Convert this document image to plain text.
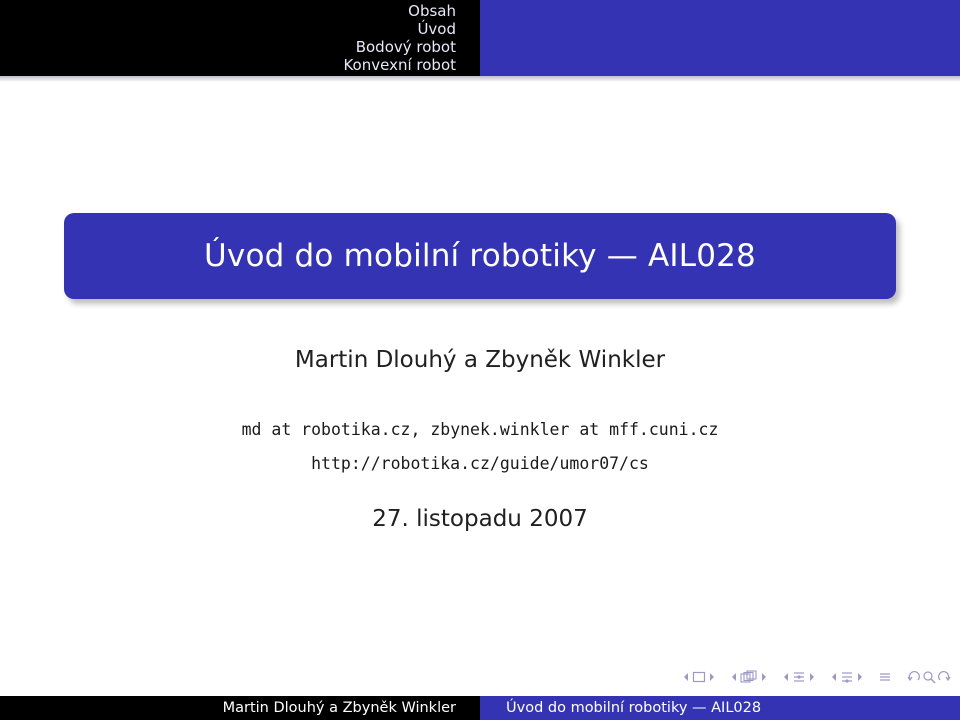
Obsah
Úvod
Bodový robot
Konvexní robot
Úvod do mobilní robotiky — AIL028
Martin Dlouhý a Zbyněk Winkler
md at robotika.cz, zbynek.winkler at mff.cuni.cz
http://robotika.cz/guide/umor07/cs
27. listopadu 2007
Martin Dlouhý a Zbyněk Winkler	Úvod do mobilní robotiky — AIL028
